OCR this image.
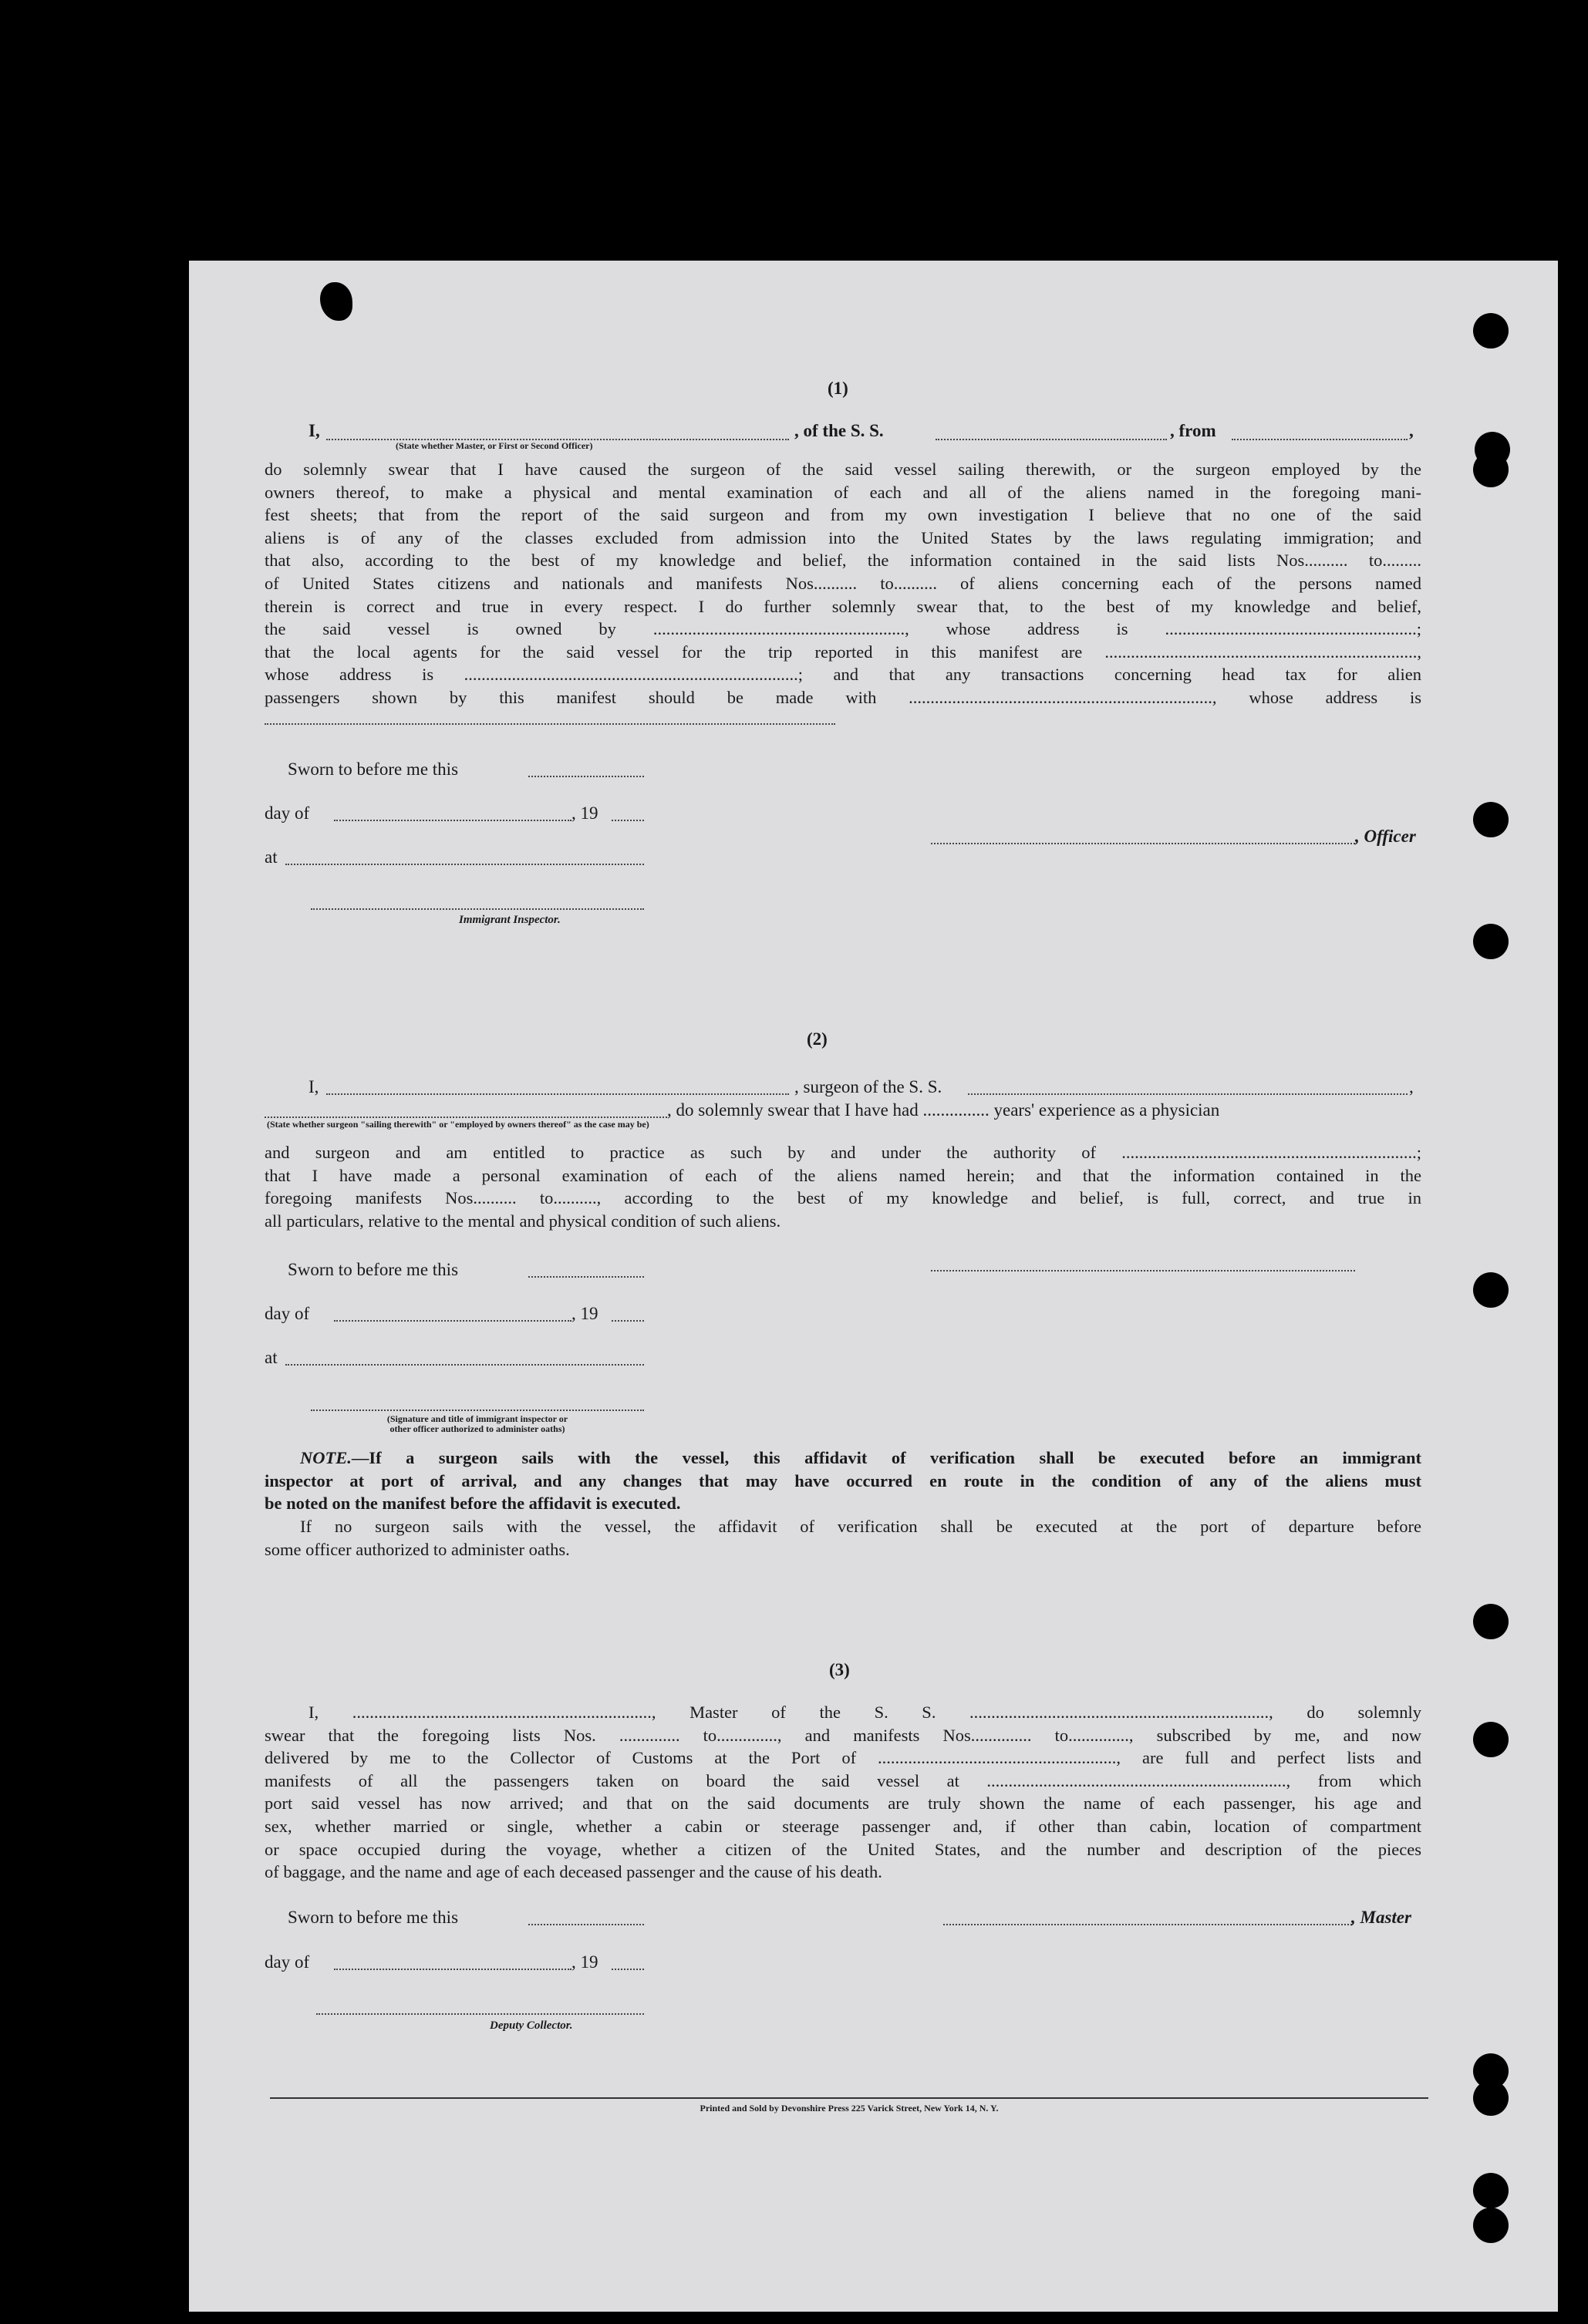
(1)
I,	, of the S. S.	, from	,
(State whether Master, or First or Second Officer)
do solemnly swear that I have caused the surgeon of the said vessel sailing therewith, or the surgeon employed by the
owners thereof, to make a physical and mental examination of each and all of the aliens named in the foregoing mani-
fest sheets; that from the report of the said surgeon and from my own investigation I believe that no one of the said
aliens is of any of the classes excluded from admission into the United States by the laws regulating immigration; and
that also, according to the best of my knowledge and belief, the information contained in the said lists Nos.......... to.........
of United States citizens and nationals and manifests Nos.......... to.......... of aliens concerning each of the persons named
therein is correct and true in every respect. I do further solemnly swear that, to the best of my knowledge and belief,
the said vessel is owned by .........................................................., whose address is ..........................................................;
that the local agents for the said vessel for the trip reported in this manifest are ........................................................................,
whose address is .............................................................................; and that any transactions concerning head tax for alien
passengers shown by this manifest should be made with ......................................................................, whose address is
Sworn to before me this
day of	, 19
at
, Officer
Immigrant Inspector.
(2)
I,	, surgeon of the S. S.	,
, do solemnly swear that I have had ............... years' experience as a physician
(State whether surgeon "sailing therewith" or "employed by owners thereof" as the case may be)
and surgeon and am entitled to practice as such by and under the authority of ....................................................................;
that I have made a personal examination of each of the aliens named herein; and that the information contained in the
foregoing manifests Nos.......... to.........., according to the best of my knowledge and belief, is full, correct, and true in
all particulars, relative to the mental and physical condition of such aliens.
Sworn to before me this
day of	, 19
at
(Signature and title of immigrant inspector or
other officer authorized to administer oaths)
NOTE.—If a surgeon sails with the vessel, this affidavit of verification shall be executed before an immigrant
inspector at port of arrival, and any changes that may have occurred en route in the condition of any of the aliens must
be noted on the manifest before the affidavit is executed.
If no surgeon sails with the vessel, the affidavit of verification shall be executed at the port of departure before
some officer authorized to administer oaths.
(3)
I, ....................................................................., Master of the S. S. ....................................................................., do solemnly
swear that the foregoing lists Nos. .............. to.............., and manifests Nos.............. to.............., subscribed by me, and now
delivered by me to the Collector of Customs at the Port of ......................................................., are full and perfect lists and
manifests of all the passengers taken on board the said vessel at ....................................................................., from which
port said vessel has now arrived; and that on the said documents are truly shown the name of each passenger, his age and
sex, whether married or single, whether a cabin or steerage passenger and, if other than cabin, location of compartment
or space occupied during the voyage, whether a citizen of the United States, and the number and description of the pieces
of baggage, and the name and age of each deceased passenger and the cause of his death.
Sworn to before me this	, Master
day of	, 19
Deputy Collector.
Printed and Sold by Devonshire Press 225 Varick Street, New York 14, N. Y.
